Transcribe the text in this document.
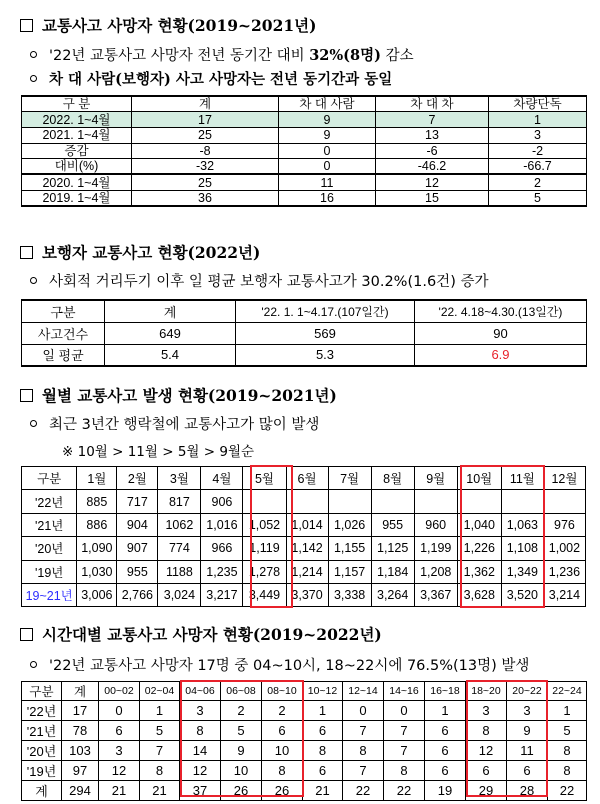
교통사고 사망자 현황(2019~2021년)
'22년 교통사고 사망자 전년 동기간 대비 32%(8명) 감소
차 대 사람(보행자) 사고 사망자는 전년 동기간과 동일
구 분	계	차 대 사람	차 대 차	차량단독
2022. 1~4월	17	9	7	1
2021. 1~4월	25	9	13	3
증감	-8	0	-6	-2
대비(%)	-32	0	-46.2	-66.7
2020. 1~4월	25	11	12	2
2019. 1~4월	36	16	15	5
보행자 교통사고 현황(2022년)
사회적 거리두기 이후 일 평균 보행자 교통사고가 30.2%(1.6건) 증가
구분	계	'22. 1. 1~4.17.(107일간)	'22. 4.18~4.30.(13일간)
사고건수	649	569	90
일 평균	5.4	5.3	6.9
월별 교통사고 발생 현황(2019~2021년)
최근 3년간 행락철에 교통사고가 많이 발생
※ 10월 > 11월 > 5월 > 9월순
구분	1월	2월	3월	4월	5월	6월	7월	8월	9월	10월	11월	12월
'22년	885	717	817	906								
'21년	886	904	1062	1,016	1,052	1,014	1,026	955	960	1,040	1,063	976
'20년	1,090	907	774	966	1,119	1,142	1,155	1,125	1,199	1,226	1,108	1,002
'19년	1,030	955	1188	1,235	1,278	1,214	1,157	1,184	1,208	1,362	1,349	1,236
19~21년	3,006	2,766	3,024	3,217	3,449	3,370	3,338	3,264	3,367	3,628	3,520	3,214
시간대별 교통사고 사망자 현황(2019~2022년)
'22년 교통사고 사망자 17명 중 04~10시, 18~22시에 76.5%(13명) 발생
구분	계	00~02	02~04	04~06	06~08	08~10	10~12	12~14	14~16	16~18	18~20	20~22	22~24
'22년	17	0	1	3	2	2	1	0	0	1	3	3	1
'21년	78	6	5	8	5	6	6	7	7	6	8	9	5
'20년	103	3	7	14	9	10	8	8	7	6	12	11	8
'19년	97	12	8	12	10	8	6	7	8	6	6	6	8
계	294	21	21	37	26	26	21	22	22	19	29	28	22
